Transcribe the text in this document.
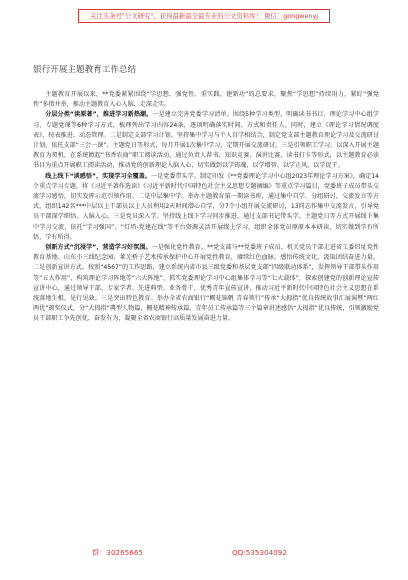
关注头条号"公文研究"，获得最新最全最专业的公文资料库！ 微信：gongwenyj
银行开展主题教育工作总结

主题教育开展以来，**党委紧紧围绕“学思想、强党性、重实践、建新功”的总要求，聚焦“学思想”持续用力，紧盯“强党性”多措并举，推动主题教育入心入脑、走深走实。

分层分类“读原著”，推进学习新热潮。一是建立完善党委学习清单。围绕5种学习类型，明确读书书目、理论学习中心组学习、专题党课等6种学习方式，梳理列出学习内容24条，逐项明确落实时间、方式和责任人。同时，建立《理论学习情况调度表》，按表推进、动态管理。二是制定支部学习计划。坚持集中学习与个人自学相结合，制定党支部主题教育理论学习及交流研讨计划，依托支部“三会一课”、主题党日等形式，每月开展1次集中学习，定期开展交流研讨。三是引领职工学习。以深入开展主题教育为契机，在系统掀起“书香农商”职工阅读活动，通过负责人荐书、知识竞赛、演讲比赛、读书打卡等形式，以主题教育必读书目为重点开展职工阅读活动，推动党的创新理论入脑入心，切实做到以学铸魂、以学增智、以学正风、以学促干。

线上线下“谈感悟”，实现学习全覆盖。一是党委带头学。制定印发《**党委理论学习中心组2023年理论学习方案》，确定14个重点学习专题，将《习近平著作选读》《习近平新时代中国特色社会主义思想专题摘编》等重点学习篇目，党委班子成员带头交流学习感悟，切实发挥示范引领作用。二是中层集中学。举办主题教育第一期读书班，通过集中自学、分组研讨，交流发言等方式，组织142名***中层以上干部员以上人员利用2天时间潜心自学，分7个小组开展交流研讨，13同志作集中交流发言，引导党员干部深学细悟、入脑入心。三是党员深入学。坚持线上线下学习同步推进，通过支部书记带头学、主题党日等方式开展线下集中学习交流，依托“学习强国”、“灯塔-党建在线”等平台资源灵活开展线上学习，组织全体党员原原本本研读，切实做到学有所悟、学有所得。

创新方式“沉浸学”，营造学习好氛围。一是强化党性教育。**党支部与**党委班子成员、机关党员干部走进省工委旧址党性教育基地、山东小三线纪念园、莱芜桥子艺术传承保护中心开展党性教育，赓续红色血脉，感悟传统文化，汲取团结奋进力量。二是创新宣讲方式。按照“4567”的工作思路，建立系统内省市县三级党委和基层党支部“四级联动体系”，发挥领导干部带头作用等“五大作用”，构筑理论学习阵地等“六大阵地”，抓实党委理论学习中心组集体学习等“七大载体”，探索创建党的创新理论宣传宣讲中心，通过领导干部、专家学者、先进典型、业务骨干、优秀青年宣传宣讲，推动习近平新时代中国特色社会主义思想在系统落地生根、见行见效。三是突出特色教育。举办全省农商银行“概花锦帆 青春领行”传承“大拇指”优良传统故事汇展演暨“两红两优”颁奖仪式，分“大拇指”典型人物篇、概花精神传承篇、青年员工传承篇等三个篇章讲述感悟“大拇指”优良传统，引领激励党员干部职工争先创优、奋发有为，凝聚全省农商银行高质量发展奋进力量。

群：30265665	QQ:535304092
